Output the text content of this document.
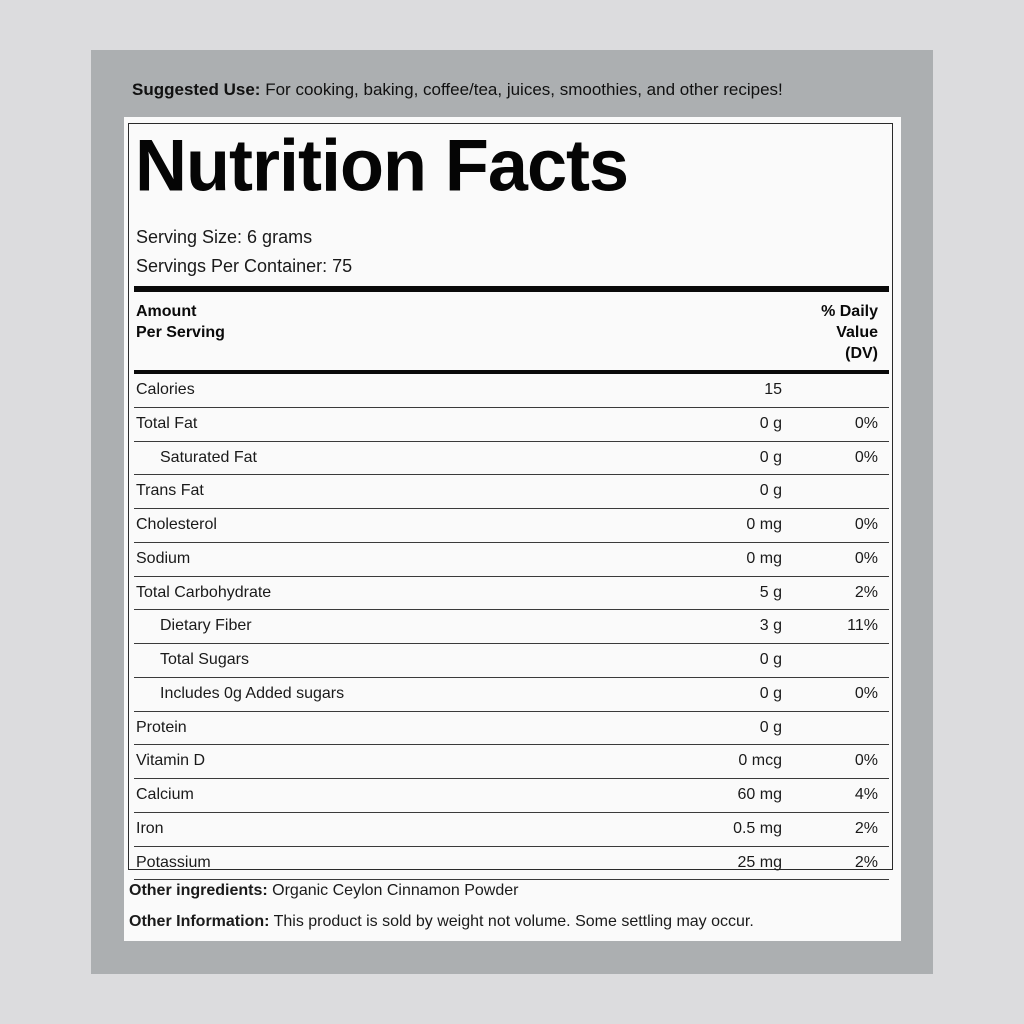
Suggested Use: For cooking, baking, coffee/tea, juices, smoothies, and other recipes!
Nutrition Facts
Serving Size: 6 grams
Servings Per Container: 75
Amount
Per Serving
% Daily
Value
(DV)
Calories	15
Total Fat	0 g	0%
Saturated Fat	0 g	0%
Trans Fat	0 g
Cholesterol	0 mg	0%
Sodium	0 mg	0%
Total Carbohydrate	5 g	2%
Dietary Fiber	3 g	11%
Total Sugars	0 g
Includes 0g Added sugars	0 g	0%
Protein	0 g
Vitamin D	0 mcg	0%
Calcium	60 mg	4%
Iron	0.5 mg	2%
Potassium	25 mg	2%
Other ingredients: Organic Ceylon Cinnamon Powder
Other Information: This product is sold by weight not volume. Some settling may occur.
